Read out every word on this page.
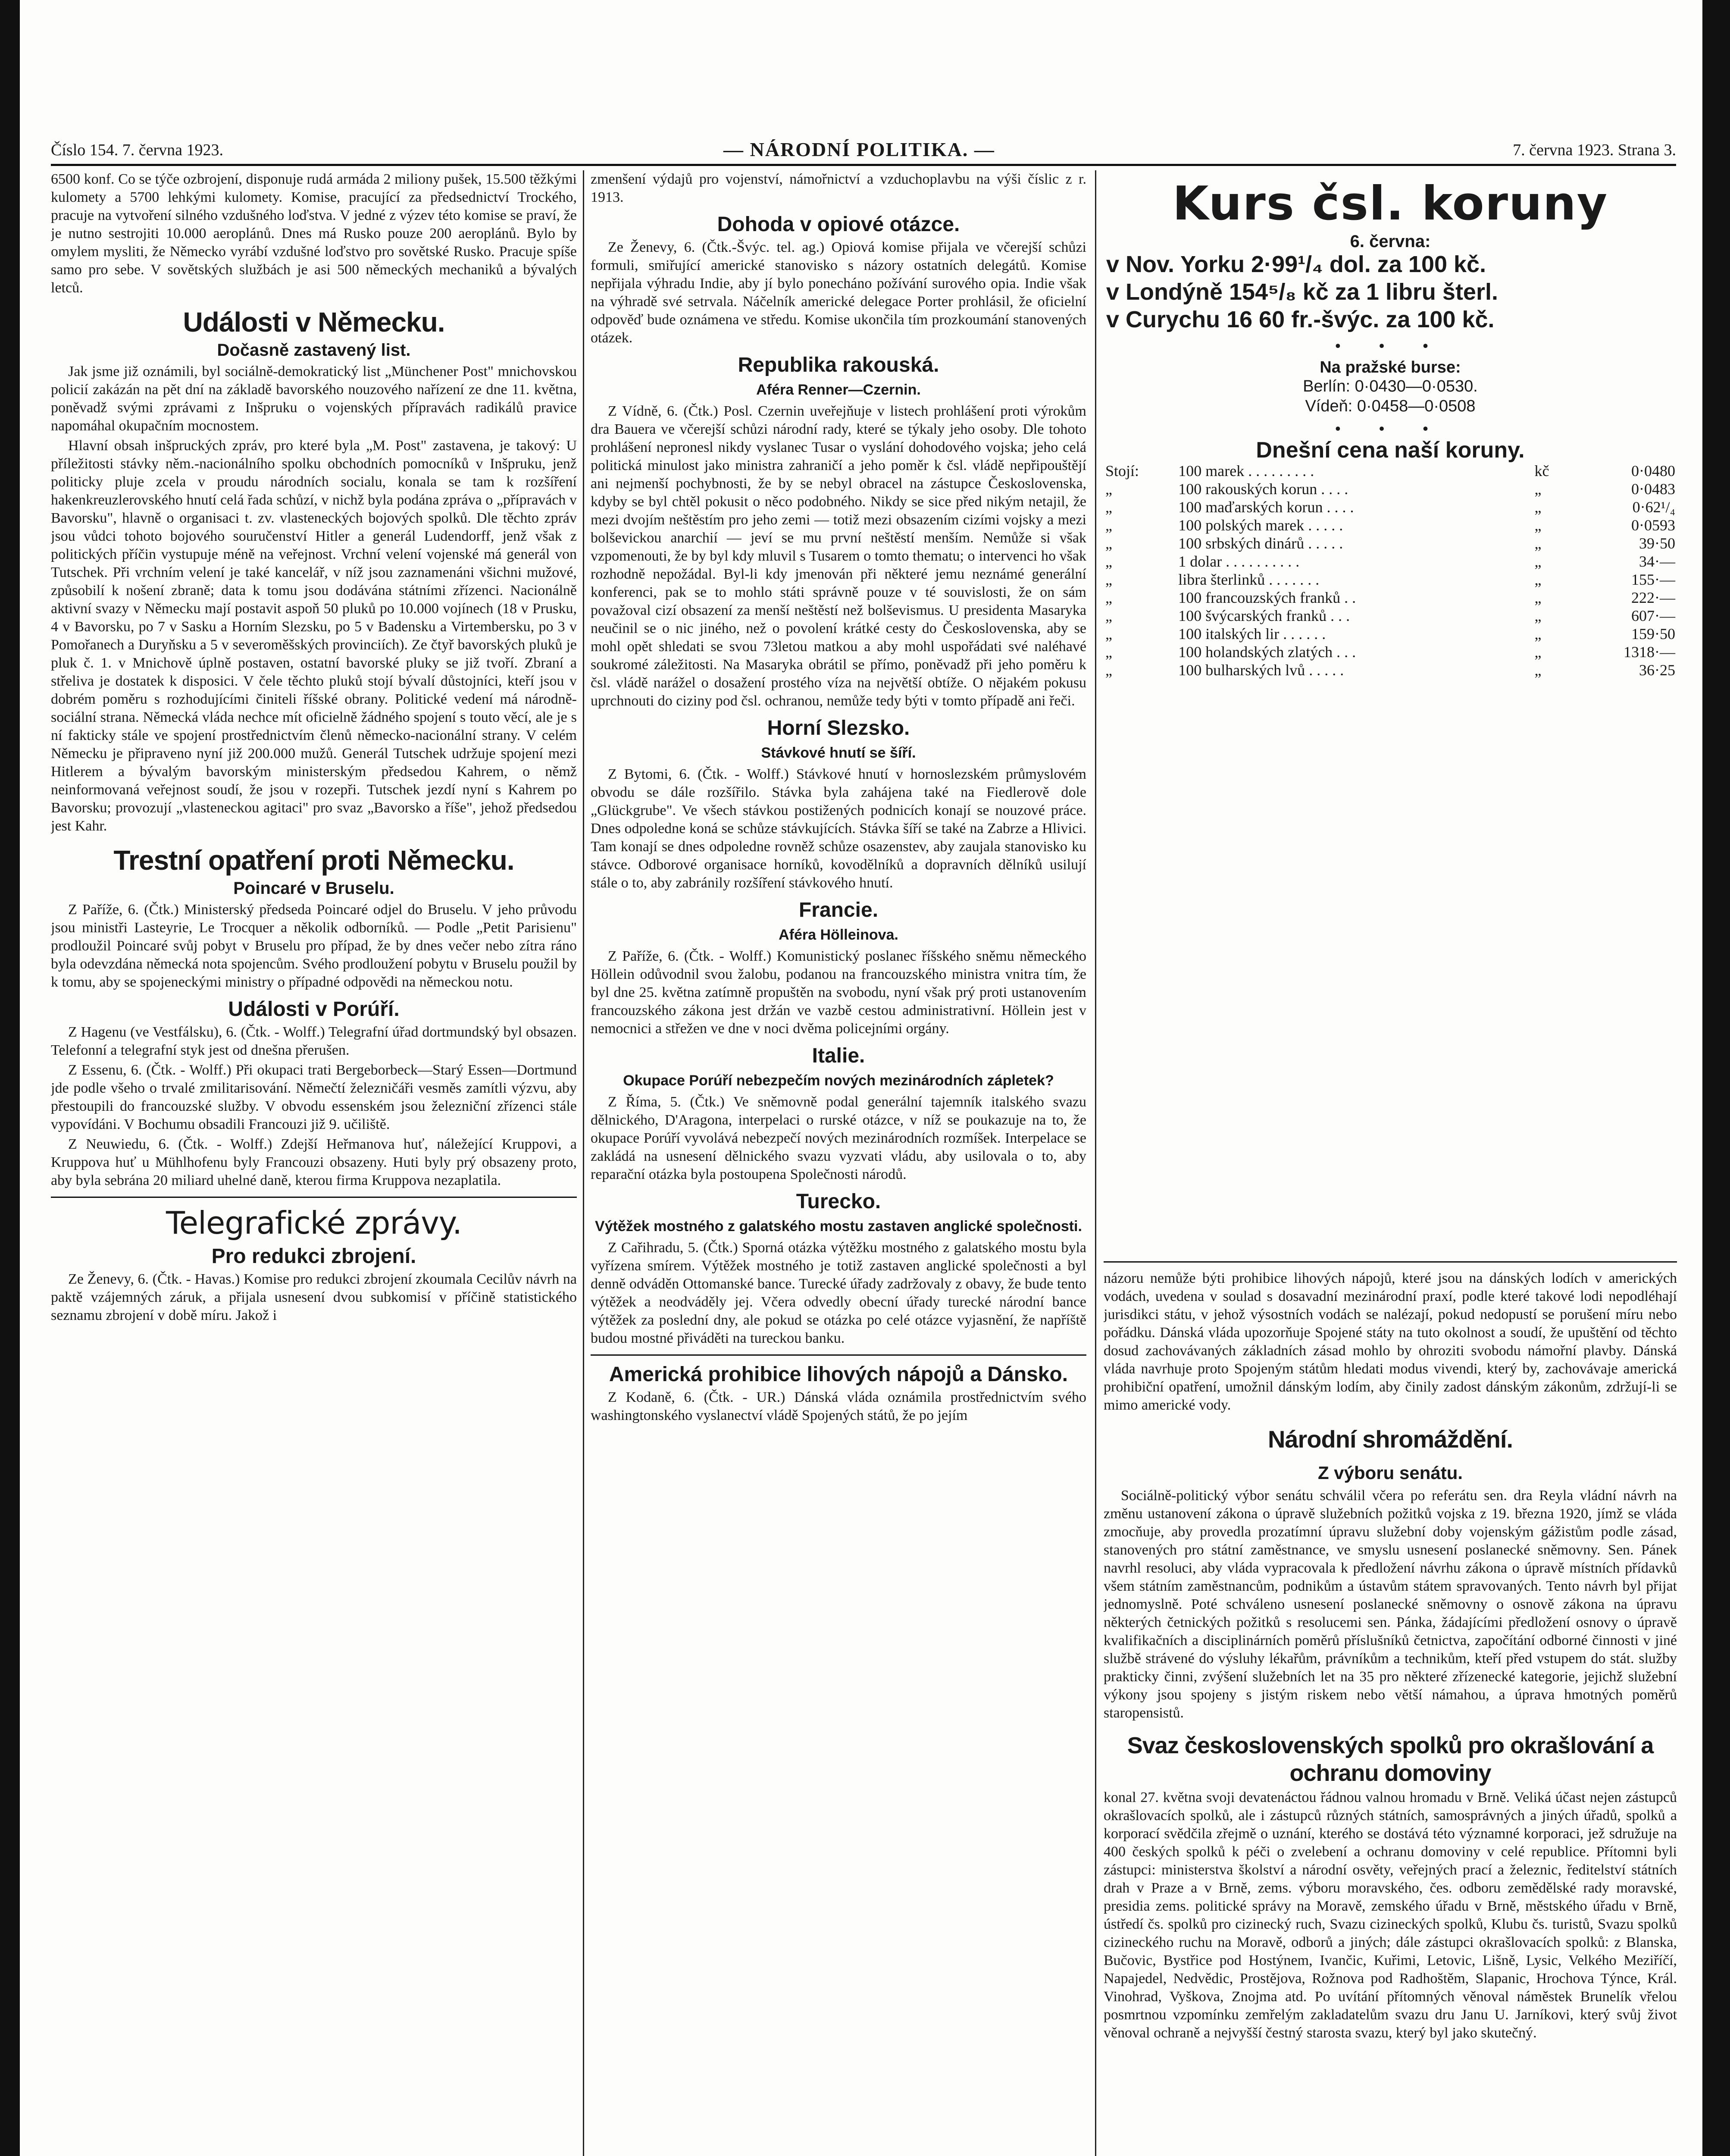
Číslo 154. 7. června 1923.	— NÁRODNÍ POLITIKA. —	7. června 1923. Strana 3.

6500 konf. Co se týče ozbrojení, disponuje rudá armáda 2 miliony pušek, 15.500 těžkými kulomety a 5700 lehkými kulomety. Komise, pracující za předsednictví Trockého, pracuje na vytvoření silného vzdušného loďstva. V jedné z výzev této komise se praví, že je nutno sestrojiti 10.000 aeroplánů. Dnes má Rusko pouze 200 aeroplánů. Bylo by omylem mysliti, že Německo vyrábí vzdušné loďstvo pro sovětské Rusko. Pracuje spíše samo pro sebe. V sovětských službách je asi 500 německých mechaniků a bývalých letců.

Události v Německu.
Dočasně zastavený list.

Jak jsme již oznámili, byl sociálně-demokratický list „Münchener Post" mnichovskou policií zakázán na pět dní na základě bavorského nouzového nařízení ze dne 11. května, poněvadž svými zprávami z Inšpruku o vojenských přípravách radikálů pravice napomáhal okupačním mocnostem.

Hlavní obsah inšpruckých zpráv, pro které byla „M. Post" zastavena, je takový: U příležitosti stávky něm.-nacionálního spolku obchodních pomocníků v Inšpruku, jenž politicky pluje zcela v proudu národních socialu, konala se tam k rozšíření hakenkreuzlerovského hnutí celá řada schůzí, v nichž byla podána zpráva o „přípravách v Bavorsku", hlavně o organisaci t. zv. vlasteneckých bojových spolků. Dle těchto zpráv jsou vůdci tohoto bojového souručenství Hitler a generál Ludendorff, jenž však z politických příčin vystupuje méně na veřejnost. Vrchní velení vojenské má generál von Tutschek. Při vrchním velení je také kancelář, v níž jsou zaznamenáni všichni mužové, způsobilí k nošení zbraně; data k tomu jsou dodávána státními zřízenci. Nacionálně aktivní svazy v Německu mají postavit aspoň 50 pluků po 10.000 vojínech (18 v Prusku, 4 v Bavorsku, po 7 v Sasku a Horním Slezsku, po 5 v Badensku a Virtembersku, po 3 v Pomořanech a Duryňsku a 5 v severoměšských provinciích). Ze čtyř bavorských pluků je pluk č. 1. v Mnichově úplně postaven, ostatní bavorské pluky se již tvoří. Zbraní a střeliva je dostatek k disposici. V čele těchto pluků stojí bývalí důstojníci, kteří jsou v dobrém poměru s rozhodujícími činiteli říšské obrany. Politické vedení má národně-sociální strana. Německá vláda nechce mít oficielně žádného spojení s touto věcí, ale je s ní fakticky stále ve spojení prostřednictvím členů německo-nacionální strany. V celém Německu je připraveno nyní již 200.000 mužů. Generál Tutschek udržuje spojení mezi Hitlerem a bývalým bavorským ministerským předsedou Kahrem, o němž neinformovaná veřejnost soudí, že jsou v rozepři. Tutschek jezdí nyní s Kahrem po Bavorsku; provozují „vlasteneckou agitaci" pro svaz „Bavorsko a říše", jehož předsedou jest Kahr.

Trestní opatření proti Německu.
Poincaré v Bruselu.

Z Paříže, 6. (Čtk.) Ministerský předseda Poincaré odjel do Bruselu. V jeho průvodu jsou ministři Lasteyrie, Le Trocquer a několik odborníků. — Podle „Petit Parisienu" prodloužil Poincaré svůj pobyt v Bruselu pro případ, že by dnes večer nebo zítra ráno byla odevzdána německá nota spojencům. Svého prodloužení pobytu v Bruselu použil by k tomu, aby se spojeneckými ministry o případné odpovědi na německou notu.

Události v Porúří.

Z Hagenu (ve Vestfálsku), 6. (Čtk. - Wolff.) Telegrafní úřad dortmundský byl obsazen. Telefonní a telegrafní styk jest od dnešna přerušen.

Z Essenu, 6. (Čtk. - Wolff.) Při okupaci trati Bergeborbeck—Starý Essen—Dortmund jde podle všeho o trvalé zmilitarisování. Němečtí železničáři vesměs zamítli výzvu, aby přestoupili do francouzské služby. V obvodu essenském jsou železniční zřízenci stále vypovídáni. V Bochumu obsadili Francouzi již 9. učiliště.

Z Neuwiedu, 6. (Čtk. - Wolff.) Zdejší Heřmanova huť, náležející Kruppovi, a Kruppova huť u Mühlhofenu byly Francouzi obsazeny. Huti byly prý obsazeny proto, aby byla sebrána 20 miliard uhelné daně, kterou firma Kruppova nezaplatila.

Telegrafické zprávy.
Pro redukci zbrojení.

Ze Ženevy, 6. (Čtk. - Havas.) Komise pro redukci zbrojení zkoumala Cecilův návrh na paktě vzájemných záruk, a přijala usnesení dvou subkomisí v příčině statistického seznamu zbrojení v době míru. Jakož i

zmenšení výdajů pro vojenství, námořnictví a vzduchoplavbu na výši číslic z r. 1913.

Dohoda v opiové otázce.

Ze Ženevy, 6. (Čtk.-Švýc. tel. ag.) Opiová komise přijala ve včerejší schůzi formuli, smiřující americké stanovisko s názory ostatních delegátů. Komise nepřijala výhradu Indie, aby jí bylo ponecháno požívání surového opia. Indie však na výhradě své setrvala. Náčelník americké delegace Porter prohlásil, že oficielní odpověď bude oznámena ve středu. Komise ukončila tím prozkoumání stanovených otázek.

Republika rakouská.
Aféra Renner—Czernin.

Z Vídně, 6. (Čtk.) Posl. Czernin uveřejňuje v listech prohlášení proti výrokům dra Bauera ve včerejší schůzi národní rady, které se týkaly jeho osoby. Dle tohoto prohlášení nepronesl nikdy vyslanec Tusar o vyslání dohodového vojska; jeho celá politická minulost jako ministra zahraničí a jeho poměr k čsl. vládě nepřipouštějí ani nejmenší pochybnosti, že by se nebyl obracel na zástupce Československa, kdyby se byl chtěl pokusit o něco podobného. Nikdy se sice před nikým netajil, že mezi dvojím neštěstím pro jeho zemi — totiž mezi obsazením cizími vojsky a mezi bolševickou anarchií — jeví se mu první neštěstí menším. Nemůže si však vzpomenouti, že by byl kdy mluvil s Tusarem o tomto thematu; o intervenci ho však rozhodně nepožádal. Byl-li kdy jmenován při některé jemu neznámé generální konferenci, pak se to mohlo státi správně pouze v té souvislosti, že on sám považoval cizí obsazení za menší neštěstí než bolševismus. U presidenta Masaryka neučinil se o nic jiného, než o povolení krátké cesty do Československa, aby se mohl opět shledati se svou 73letou matkou a aby mohl uspořádati své naléhavé soukromé záležitosti. Na Masaryka obrátil se přímo, poněvadž při jeho poměru k čsl. vládě narážel o dosažení prostého víza na největší obtíže. O nějakém pokusu uprchnouti do ciziny pod čsl. ochranou, nemůže tedy býti v tomto případě ani řeči.

Horní Slezsko.
Stávkové hnutí se šíří.

Z Bytomi, 6. (Čtk. - Wolff.) Stávkové hnutí v hornoslezském průmyslovém obvodu se dále rozšířilo. Stávka byla zahájena také na Fiedlerově dole „Glückgrube". Ve všech stávkou postižených podnicích konají se nouzové práce. Dnes odpoledne koná se schůze stávkujících. Stávka šíří se také na Zabrze a Hlivici. Tam konají se dnes odpoledne rovněž schůze osazenstev, aby zaujala stanovisko ku stávce. Odborové organisace horníků, kovodělníků a dopravních dělníků usilují stále o to, aby zabránily rozšíření stávkového hnutí.

Francie.
Aféra Hölleinova.

Z Paříže, 6. (Čtk. - Wolff.) Komunistický poslanec říšského sněmu německého Höllein odůvodnil svou žalobu, podanou na francouzského ministra vnitra tím, že byl dne 25. května zatímně propuštěn na svobodu, nyní však prý proti ustanovením francouzského zákona jest držán ve vazbě cestou administrativní. Höllein jest v nemocnici a střežen ve dne v noci dvěma policejními orgány.

Italie.
Okupace Porúří nebezpečím nových mezinárodních zápletek?

Z Říma, 5. (Čtk.) Ve sněmovně podal generální tajemník italského svazu dělnického, D'Aragona, interpelaci o rurské otázce, v níž se poukazuje na to, že okupace Porúří vyvolává nebezpečí nových mezinárodních rozmíšek. Interpelace se zakládá na usnesení dělnického svazu vyzvati vládu, aby usilovala o to, aby reparační otázka byla postoupena Společnosti národů.

Turecko.
Výtěžek mostného z galatského mostu zastaven anglické společnosti.

Z Cařihradu, 5. (Čtk.) Sporná otázka výtěžku mostného z galatského mostu byla vyřízena smírem. Výtěžek mostného je totiž zastaven anglické společnosti a byl denně odváděn Ottomanské bance. Turecké úřady zadržovaly z obavy, že bude tento výtěžek a neodváděly jej. Včera odvedly obecní úřady turecké národní bance výtěžek za poslední dny, ale pokud se otázka po celé otázce vyjasnění, že napříště budou mostné přiváděti na tureckou banku.

Americká prohibice lihových nápojů a Dánsko.

Z Kodaně, 6. (Čtk. - UR.) Dánská vláda oznámila prostřednictvím svého washingtonského vyslanectví vládě Spojených států, že po jejím

Kurs čsl. koruny
6. června:
v Nov. Yorku 2·99¹/₄ dol. za 100 kč.
v Londýně 154⁵/₈ kč za 1 libru šterl.
v Curychu 16 60 fr.-švýc. za 100 kč.
• • •
Na pražské burse:
Berlín: 0·0430—0·0530.
Vídeň: 0·0458—0·0508
• • •
Dnešní cena naší koruny.
Stojí:	100 marek . . . . . . . . .	kč	0·0480
„	100 rakouských korun . . . .	„	0·0483
„	100 maďarských korun . . . .	„	0·62¹/₄
„	100 polských marek . . . . .	„	0·0593
„	100 srbských dinárů . . . . .	„	39·50
„	1 dolar . . . . . . . . . .	„	34·—
„	libra šterlinků . . . . . . .	„	155·—
„	100 francouzských franků . .	„	222·—
„	100 švýcarských franků . . .	„	607·—
„	100 italských lir . . . . . .	„	159·50
„	100 holandských zlatých . . .	„	1318·—
„	100 bulharských lvů . . . . .	„	36·25

názoru nemůže býti prohibice lihových nápojů, které jsou na dánských lodích v amerických vodách, uvedena v soulad s dosavadní mezinárodní praxí, podle které takové lodi nepodléhají jurisdikci státu, v jehož výsostních vodách se nalézají, pokud nedopustí se porušení míru nebo pořádku. Dánská vláda upozorňuje Spojené státy na tuto okolnost a soudí, že upuštění od těchto dosud zachovávaných základních zásad mohlo by ohroziti svobodu námořní plavby. Dánská vláda navrhuje proto Spojeným státům hledati modus vivendi, který by, zachovávaje americká prohibiční opatření, umožnil dánským lodím, aby činily zadost dánským zákonům, zdržují-li se mimo americké vody.

Národní shromáždění.
Z výboru senátu.

Sociálně-politický výbor senátu schválil včera po referátu sen. dra Reyla vládní návrh na změnu ustanovení zákona o úpravě služebních požitků vojska z 19. března 1920, jímž se vláda zmocňuje, aby provedla prozatímní úpravu služební doby vojenským gážistům podle zásad, stanovených pro státní zaměstnance, ve smyslu usnesení poslanecké sněmovny. Sen. Pánek navrhl resoluci, aby vláda vypracovala k předložení návrhu zákona o úpravě místních přídavků všem státním zaměstnancům, podnikům a ústavům státem spravovaných. Tento návrh byl přijat jednomyslně. Poté schváleno usnesení poslanecké sněmovny o osnově zákona na úpravu některých četnických požitků s resolucemi sen. Pánka, žádajícími předložení osnovy o úpravě kvalifikačních a disciplinárních poměrů příslušníků četnictva, započítání odborné činnosti v jiné službě strávené do výsluhy lékařům, právníkům a technikům, kteří před vstupem do stát. služby prakticky činni, zvýšení služebních let na 35 pro některé zřízenecké kategorie, jejichž služební výkony jsou spojeny s jistým riskem nebo větší námahou, a úprava hmotných poměrů staropensistů.

Svaz československých spolků pro okrašlování a ochranu domoviny

konal 27. května svoji devatenáctou řádnou valnou hromadu v Brně. Veliká účast nejen zástupců okrašlovacích spolků, ale i zástupců různých státních, samosprávných a jiných úřadů, spolků a korporací svědčila zřejmě o uznání, kterého se dostává této významné korporaci, jež sdružuje na 400 českých spolků k péči o zvelebení a ochranu domoviny v celé republice. Přítomni byli zástupci: ministerstva školství a národní osvěty, veřejných prací a železnic, ředitelství státních drah v Praze a v Brně, zems. výboru moravského, čes. odboru zemědělské rady moravské, presidia zems. politické správy na Moravě, zemského úřadu v Brně, městského úřadu v Brně, ústředí čs. spolků pro cizinecký ruch, Svazu cizineckých spolků, Klubu čs. turistů, Svazu spolků cizineckého ruchu na Moravě, odborů a jiných; dále zástupci okrašlovacích spolků: z Blanska, Bučovic, Bystřice pod Hostýnem, Ivančic, Kuřimi, Letovic, Lišně, Lysic, Velkého Meziříčí, Napajedel, Nedvědic, Prostějova, Rožnova pod Radhoštěm, Slapanic, Hrochova Týnce, Král. Vinohrad, Vyškova, Znojma atd. Po uvítání přítomných věnoval náměstek Brunelík vřelou posmrtnou vzpomínku zemřelým zakladatelům svazu dru Janu U. Jarníkovi, který svůj život věnoval ochraně a nejvyšší čestný starosta svazu, který byl jako skutečný.
